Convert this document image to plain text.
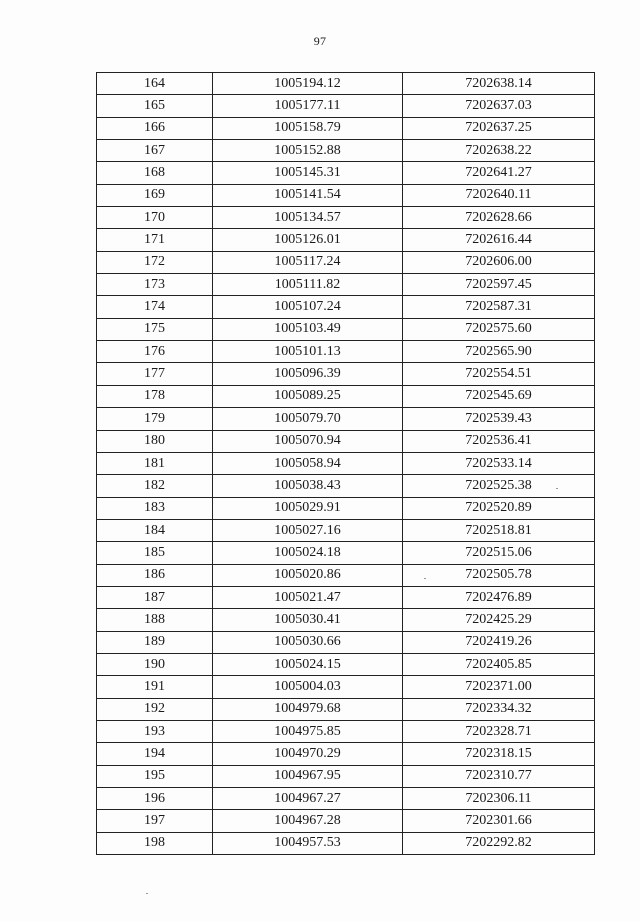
97
164	1005194.12	7202638.14
165	1005177.11	7202637.03
166	1005158.79	7202637.25
167	1005152.88	7202638.22
168	1005145.31	7202641.27
169	1005141.54	7202640.11
170	1005134.57	7202628.66
171	1005126.01	7202616.44
172	1005117.24	7202606.00
173	1005111.82	7202597.45
174	1005107.24	7202587.31
175	1005103.49	7202575.60
176	1005101.13	7202565.90
177	1005096.39	7202554.51
178	1005089.25	7202545.69
179	1005079.70	7202539.43
180	1005070.94	7202536.41
181	1005058.94	7202533.14
182	1005038.43	7202525.38
183	1005029.91	7202520.89
184	1005027.16	7202518.81
185	1005024.18	7202515.06
186	1005020.86	7202505.78
187	1005021.47	7202476.89
188	1005030.41	7202425.29
189	1005030.66	7202419.26
190	1005024.15	7202405.85
191	1005004.03	7202371.00
192	1004979.68	7202334.32
193	1004975.85	7202328.71
194	1004970.29	7202318.15
195	1004967.95	7202310.77
196	1004967.27	7202306.11
197	1004967.28	7202301.66
198	1004957.53	7202292.82
